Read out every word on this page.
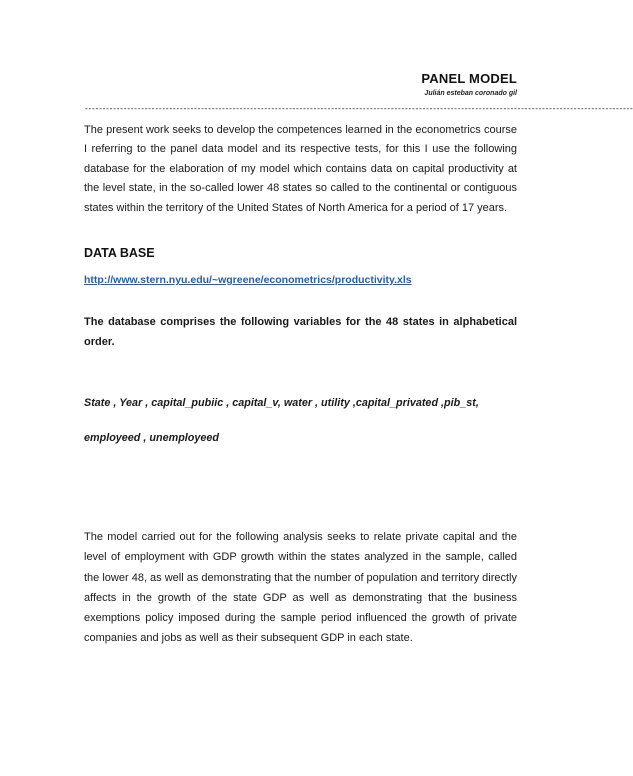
PANEL MODEL
Julián esteban coronado gil
------------------------------------------------------------------------------------------------------------------------------------------------------------

The present work seeks to develop the competences learned in the econometrics course I referring to the panel data model and its respective tests, for this I use the following database for the elaboration of my model which contains data on capital productivity at the level state, in the so-called lower 48 states so called to the continental or contiguous states within the territory of the United States of North America for a period of 17 years.

DATA BASE
http://www.stern.nyu.edu/~wgreene/econometrics/productivity.xls

The database comprises the following variables for the 48 states in alphabetical order.

State , Year , capital_pubiic , capital_v, water , utility ,capital_privated ,pib_st,
employeed , unemployeed

The model carried out for the following analysis seeks to relate private capital and the level of employment with GDP growth within the states analyzed in the sample, called the lower 48, as well as demonstrating that the number of population and territory directly affects in the growth of the state GDP as well as demonstrating that the business exemptions policy imposed during the sample period influenced the growth of private companies and jobs as well as their subsequent GDP in each state.
